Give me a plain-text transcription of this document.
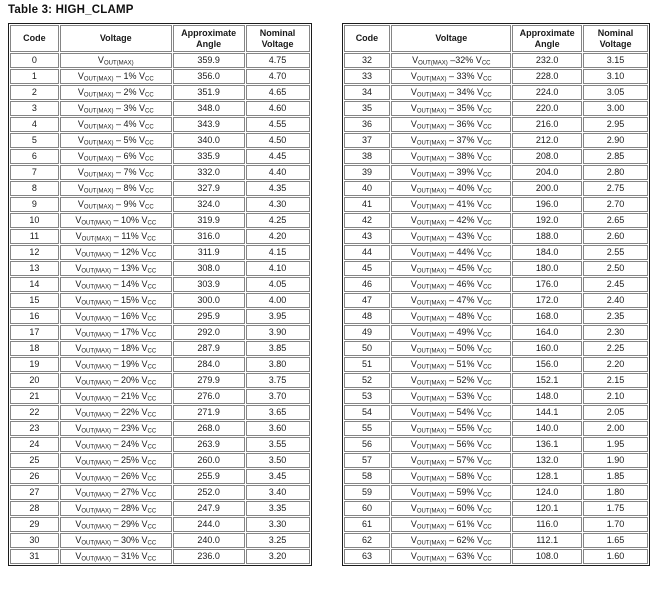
Table 3: HIGH_CLAMP
Code	Voltage	Approximate Angle	Nominal Voltage
0	$V_{OUT(MAX)}$	359.9	4.75
1	$V_{OUT(MAX)} - 1\%$ $V_{CC}$	356.0	4.70
2	$V_{OUT(MAX)} - 2\%$ $V_{CC}$	351.9	4.65
3	$V_{OUT(MAX)} - 3\%$ $V_{CC}$	348.0	4.60
4	$V_{OUT(MAX)} - 4\%$ $V_{CC}$	343.9	4.55
5	$V_{OUT(MAX)} - 5\%$ $V_{CC}$	340.0	4.50
6	$V_{OUT(MAX)} - 6\%$ $V_{CC}$	335.9	4.45
7	$V_{OUT(MAX)} - 7\%$ $V_{CC}$	332.0	4.40
8	$V_{OUT(MAX)} - 8\%$ $V_{CC}$	327.9	4.35
9	$V_{OUT(MAX)} - 9\%$ $V_{CC}$	324.0	4.30
10	$V_{OUT(MAX)} - 10\%$ $V_{CC}$	319.9	4.25
11	$V_{OUT(MAX)} - 11\%$ $V_{CC}$	316.0	4.20
12	$V_{OUT(MAX)} - 12\%$ $V_{CC}$	311.9	4.15
13	$V_{OUT(MAX)} - 13\%$ $V_{CC}$	308.0	4.10
14	$V_{OUT(MAX)} - 14\%$ $V_{CC}$	303.9	4.05
15	$V_{OUT(MAX)} - 15\%$ $V_{CC}$	300.0	4.00
16	$V_{OUT(MAX)} - 16\%$ $V_{CC}$	295.9	3.95
17	$V_{OUT(MAX)} - 17\%$ $V_{CC}$	292.0	3.90
18	$V_{OUT(MAX)} - 18\%$ $V_{CC}$	287.9	3.85
19	$V_{OUT(MAX)} - 19\%$ $V_{CC}$	284.0	3.80
20	$V_{OUT(MAX)} - 20\%$ $V_{CC}$	279.9	3.75
21	$V_{OUT(MAX)} - 21\%$ $V_{CC}$	276.0	3.70
22	$V_{OUT(MAX)} - 22\%$ $V_{CC}$	271.9	3.65
23	$V_{OUT(MAX)} - 23\%$ $V_{CC}$	268.0	3.60
24	$V_{OUT(MAX)} - 24\%$ $V_{CC}$	263.9	3.55
25	$V_{OUT(MAX)} - 25\%$ $V_{CC}$	260.0	3.50
26	$V_{OUT(MAX)} - 26\%$ $V_{CC}$	255.9	3.45
27	$V_{OUT(MAX)} - 27\%$ $V_{CC}$	252.0	3.40
28	$V_{OUT(MAX)} - 28\%$ $V_{CC}$	247.9	3.35
29	$V_{OUT(MAX)} - 29\%$ $V_{CC}$	244.0	3.30
30	$V_{OUT(MAX)} - 30\%$ $V_{CC}$	240.0	3.25
31	$V_{OUT(MAX)} - 31\%$ $V_{CC}$	236.0	3.20
Code	Voltage	Approximate Angle	Nominal Voltage
32	$V_{OUT(MAX)}$ –32% $V_{CC}$	232.0	3.15
33	$V_{OUT(MAX)} - 33\%$ $V_{CC}$	228.0	3.10
34	$V_{OUT(MAX)} - 34\%$ $V_{CC}$	224.0	3.05
35	$V_{OUT(MAX)} - 35\%$ $V_{CC}$	220.0	3.00
36	$V_{OUT(MAX)} - 36\%$ $V_{CC}$	216.0	2.95
37	$V_{OUT(MAX)} - 37\%$ $V_{CC}$	212.0	2.90
38	$V_{OUT(MAX)} - 38\%$ $V_{CC}$	208.0	2.85
39	$V_{OUT(MAX)} - 39\%$ $V_{CC}$	204.0	2.80
40	$V_{OUT(MAX)} - 40\%$ $V_{CC}$	200.0	2.75
41	$V_{OUT(MAX)} - 41\%$ $V_{CC}$	196.0	2.70
42	$V_{OUT(MAX)} - 42\%$ $V_{CC}$	192.0	2.65
43	$V_{OUT(MAX)} - 43\%$ $V_{CC}$	188.0	2.60
44	$V_{OUT(MAX)} - 44\%$ $V_{CC}$	184.0	2.55
45	$V_{OUT(MAX)} - 45\%$ $V_{CC}$	180.0	2.50
46	$V_{OUT(MAX)} - 46\%$ $V_{CC}$	176.0	2.45
47	$V_{OUT(MAX)} - 47\%$ $V_{CC}$	172.0	2.40
48	$V_{OUT(MAX)} - 48\%$ $V_{CC}$	168.0	2.35
49	$V_{OUT(MAX)} - 49\%$ $V_{CC}$	164.0	2.30
50	$V_{OUT(MAX)} - 50\%$ $V_{CC}$	160.0	2.25
51	$V_{OUT(MAX)} - 51\%$ $V_{CC}$	156.0	2.20
52	$V_{OUT(MAX)} - 52\%$ $V_{CC}$	152.1	2.15
53	$V_{OUT(MAX)} - 53\%$ $V_{CC}$	148.0	2.10
54	$V_{OUT(MAX)} - 54\%$ $V_{CC}$	144.1	2.05
55	$V_{OUT(MAX)} - 55\%$ $V_{CC}$	140.0	2.00
56	$V_{OUT(MAX)} - 56\%$ $V_{CC}$	136.1	1.95
57	$V_{OUT(MAX)} - 57\%$ $V_{CC}$	132.0	1.90
58	$V_{OUT(MAX)} - 58\%$ $V_{CC}$	128.1	1.85
59	$V_{OUT(MAX)} - 59\%$ $V_{CC}$	124.0	1.80
60	$V_{OUT(MAX)} - 60\%$ $V_{CC}$	120.1	1.75
61	$V_{OUT(MAX)} - 61\%$ $V_{CC}$	116.0	1.70
62	$V_{OUT(MAX)} - 62\%$ $V_{CC}$	112.1	1.65
63	$V_{OUT(MAX)} - 63\%$ $V_{CC}$	108.0	1.60
